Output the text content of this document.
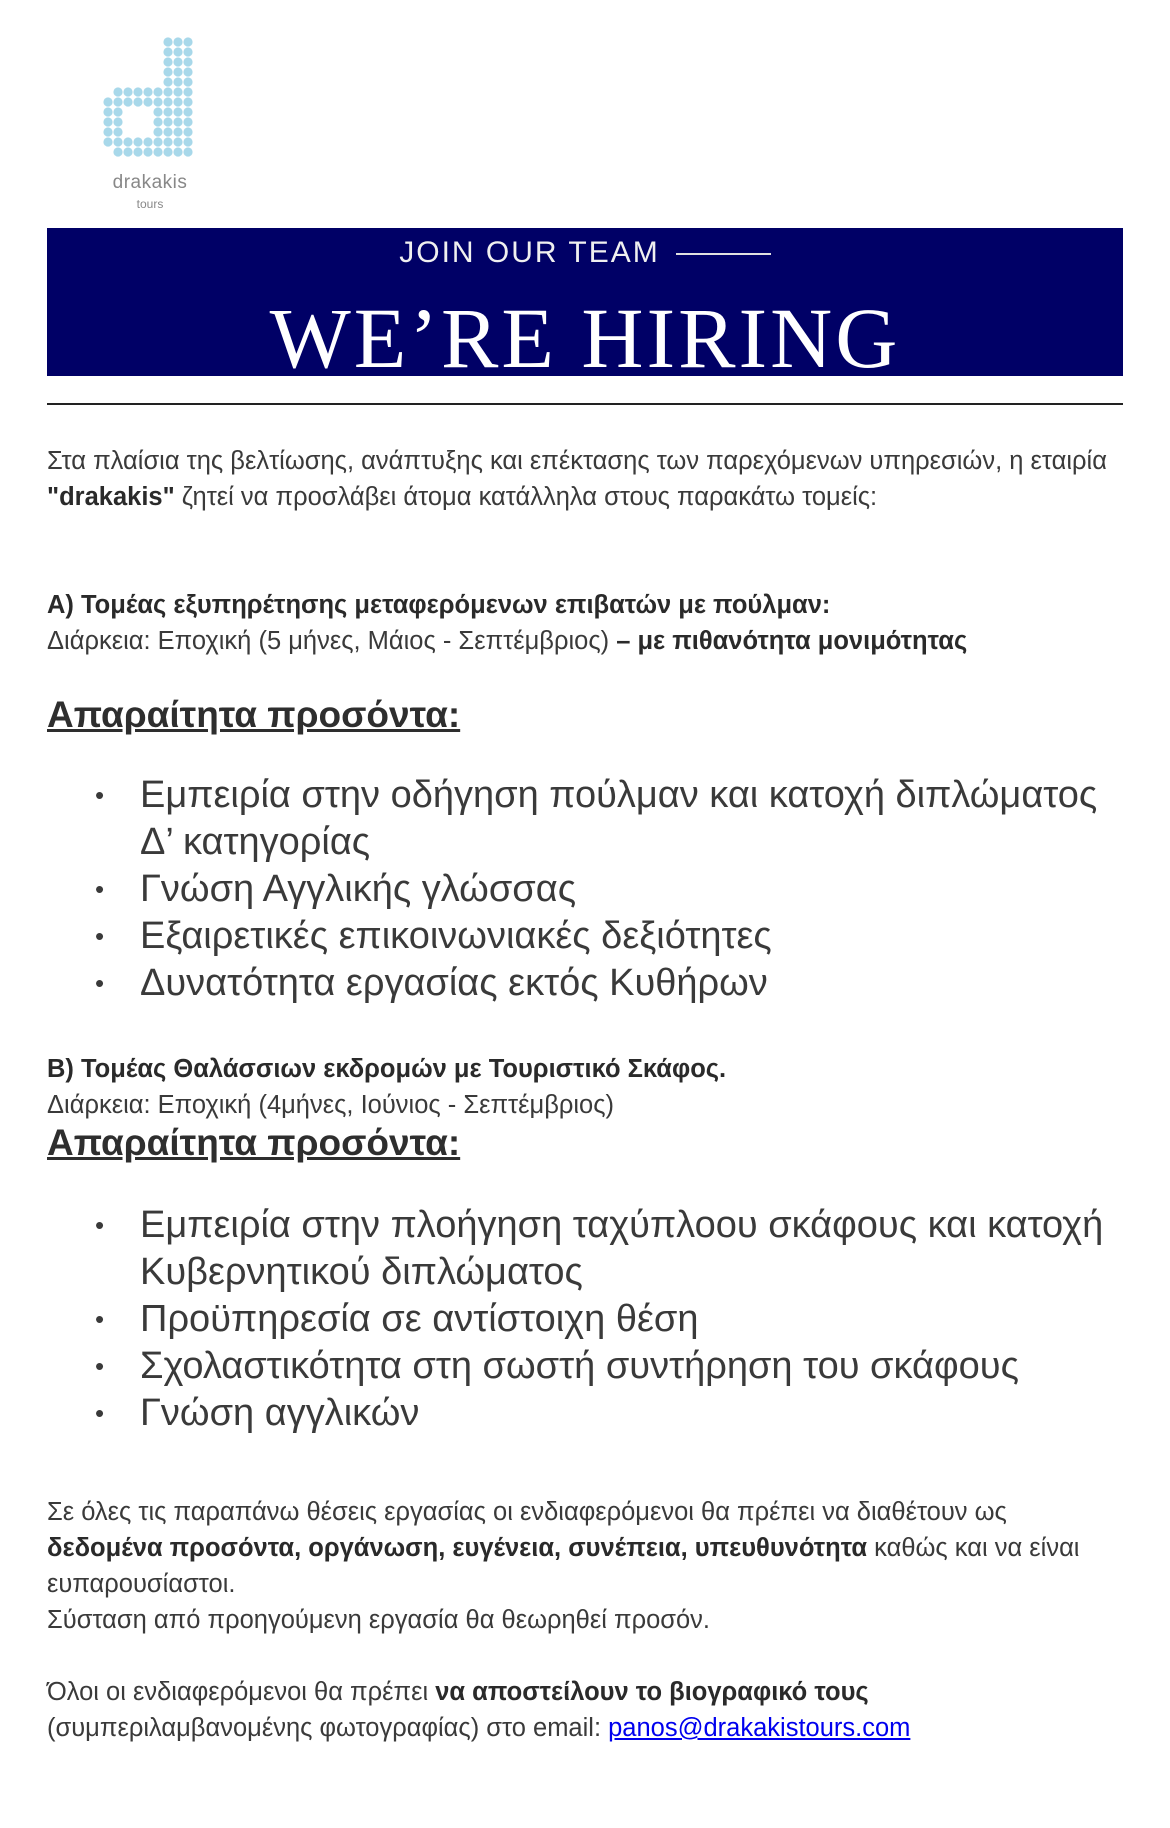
drakakis
tours
JOIN OUR TEAM
WE’RE HIRING
Στα πλαίσια της βελτίωσης, ανάπτυξης και επέκτασης των παρεχόμενων υπηρεσιών, η εταιρία "drakakis" ζητεί να προσλάβει άτομα κατάλληλα στους παρακάτω τομείς:
Α) Τομέας εξυπηρέτησης μεταφερόμενων επιβατών με πούλμαν:
Διάρκεια: Εποχική (5 μήνες, Μάιος - Σεπτέμβριος) – με πιθανότητα μονιμότητας
Απαραίτητα προσόντα:
• Εμπειρία στην οδήγηση πούλμαν και κατοχή διπλώματος Δ’ κατηγορίας
• Γνώση Αγγλικής γλώσσας
• Εξαιρετικές επικοινωνιακές δεξιότητες
• Δυνατότητα εργασίας εκτός Κυθήρων
Β) Τομέας Θαλάσσιων εκδρομών με Τουριστικό Σκάφος.
Διάρκεια: Εποχική (4μήνες, Ιούνιος - Σεπτέμβριος)
Απαραίτητα προσόντα:
• Εμπειρία στην πλοήγηση ταχύπλοου σκάφους και κατοχή Κυβερνητικού διπλώματος
• Προϋπηρεσία σε αντίστοιχη θέση
• Σχολαστικότητα στη σωστή συντήρηση του σκάφους
• Γνώση αγγλικών
Σε όλες τις παραπάνω θέσεις εργασίας οι ενδιαφερόμενοι θα πρέπει να διαθέτουν ως δεδομένα προσόντα, οργάνωση, ευγένεια, συνέπεια, υπευθυνότητα καθώς και να είναι ευπαρουσίαστοι.
Σύσταση από προηγούμενη εργασία θα θεωρηθεί προσόν.
Όλοι οι ενδιαφερόμενοι θα πρέπει να αποστείλουν το βιογραφικό τους (συμπεριλαμβανομένης φωτογραφίας) στο email: panos@drakakistours.com
